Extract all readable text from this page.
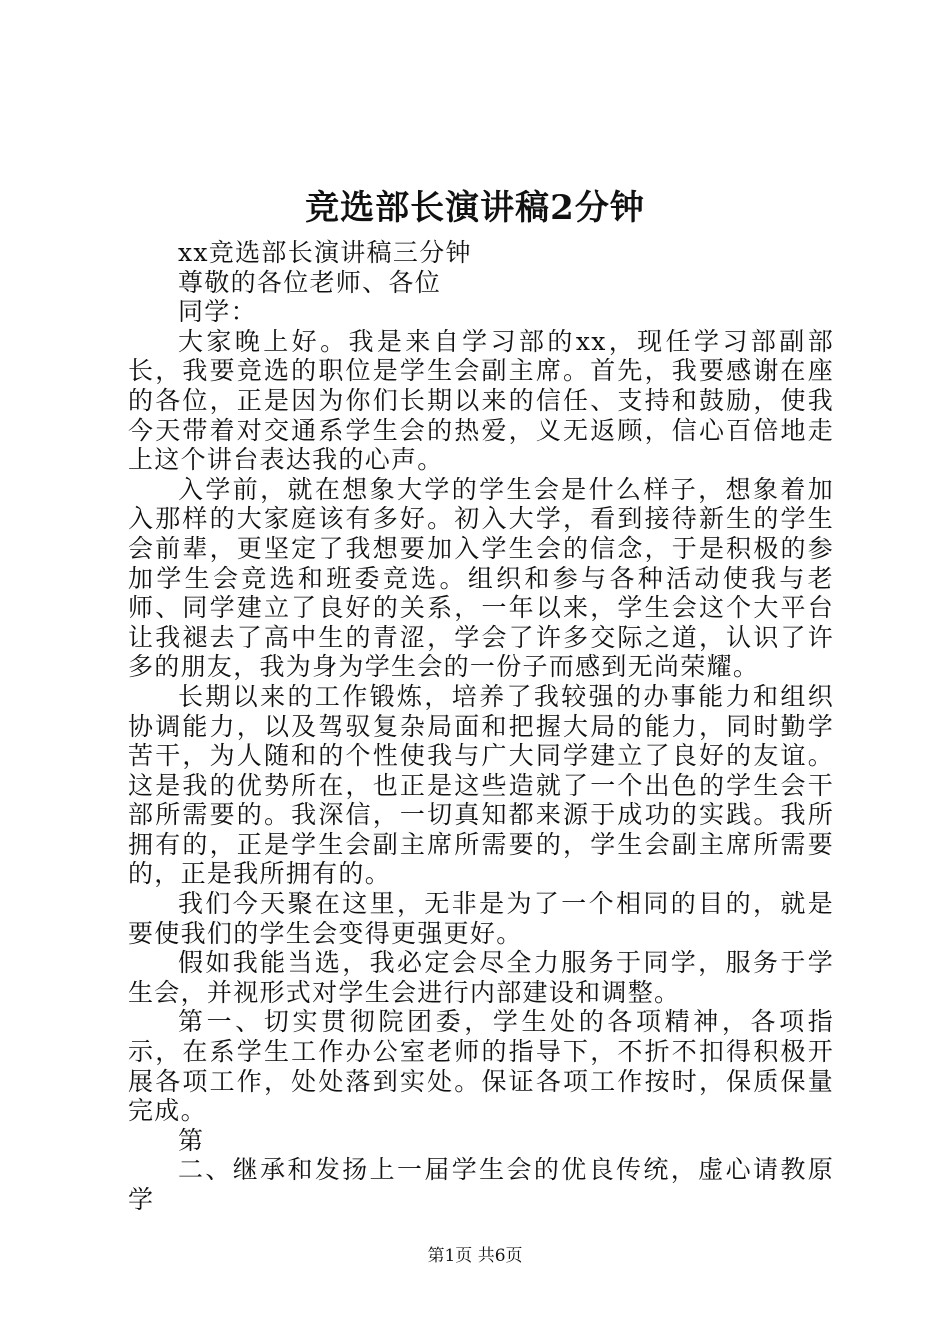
竞选部长演讲稿2分钟

xx竞选部长演讲稿三分钟

尊敬的各位老师、各位

同学：

大家晚上好。我是来自学习部的xx，现任学习部副部长，我要竞选的职位是学生会副主席。首先，我要感谢在座的各位，正是因为你们长期以来的信任、支持和鼓励，使我今天带着对交通系学生会的热爱，义无返顾，信心百倍地走上这个讲台表达我的心声。

入学前，就在想象大学的学生会是什么样子，想象着加入那样的大家庭该有多好。初入大学，看到接待新生的学生会前辈，更坚定了我想要加入学生会的信念，于是积极的参加学生会竞选和班委竞选。组织和参与各种活动使我与老师、同学建立了良好的关系，一年以来，学生会这个大平台让我褪去了高中生的青涩，学会了许多交际之道，认识了许多的朋友，我为身为学生会的一份子而感到无尚荣耀。

长期以来的工作锻炼，培养了我较强的办事能力和组织协调能力，以及驾驭复杂局面和把握大局的能力，同时勤学苦干，为人随和的个性使我与广大同学建立了良好的友谊。这是我的优势所在，也正是这些造就了一个出色的学生会干部所需要的。我深信，一切真知都来源于成功的实践。我所拥有的，正是学生会副主席所需要的，学生会副主席所需要的，正是我所拥有的。

我们今天聚在这里，无非是为了一个相同的目的，就是要使我们的学生会变得更强更好。

假如我能当选，我必定会尽全力服务于同学，服务于学生会，并视形式对学生会进行内部建设和调整。

第一、切实贯彻院团委，学生处的各项精神，各项指示，在系学生工作办公室老师的指导下，不折不扣得积极开展各项工作，处处落到实处。保证各项工作按时，保质保量完成。

第

二、继承和发扬上一届学生会的优良传统，虚心请教原学

第1页 共6页
